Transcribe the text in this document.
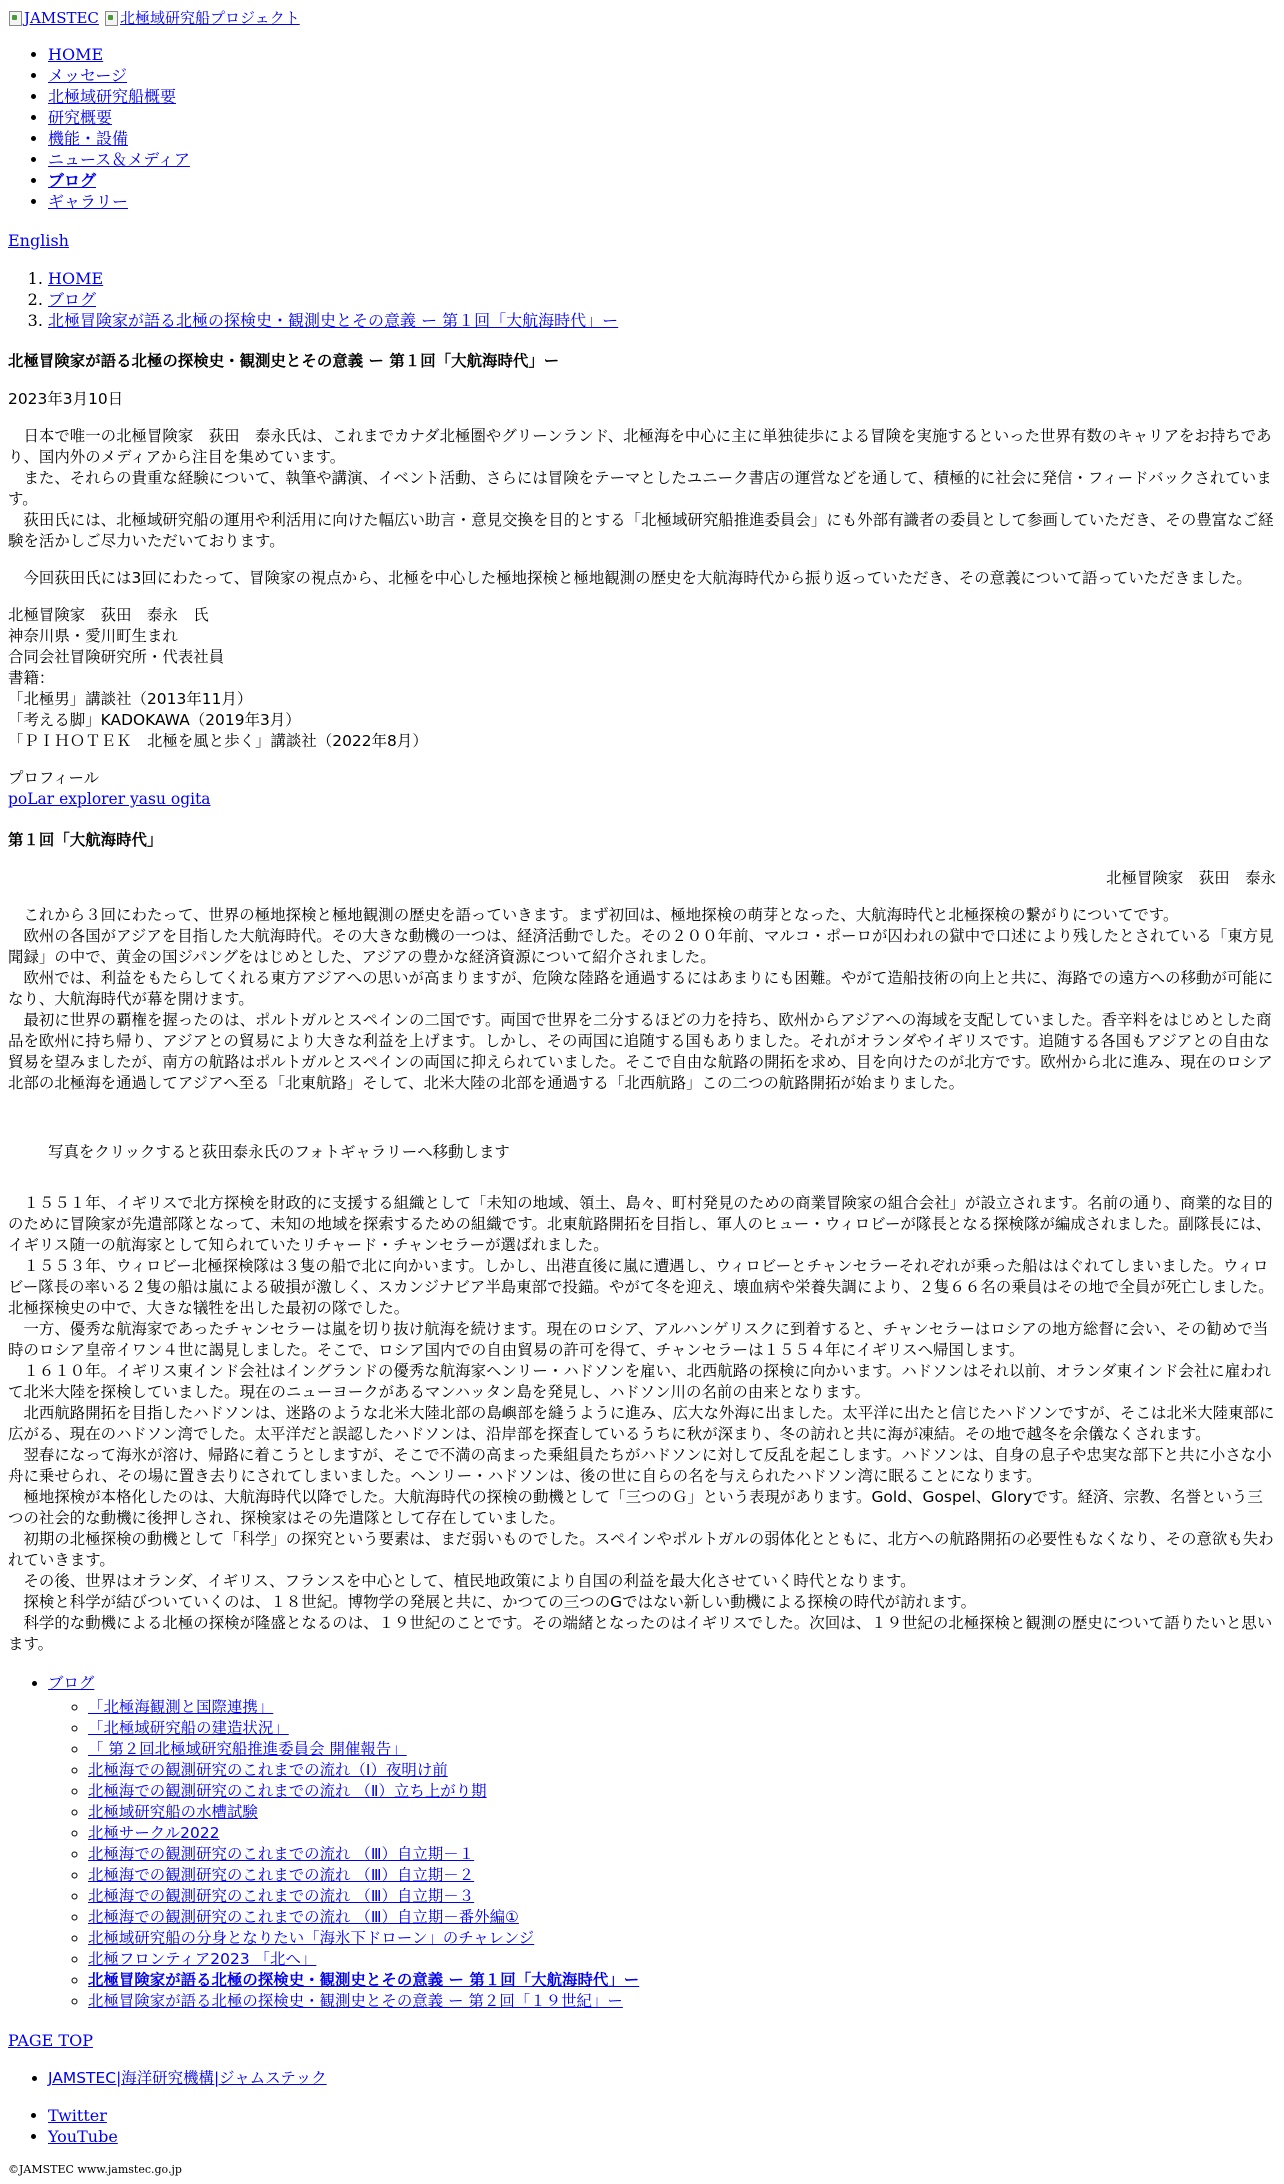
JAMSTEC 北極域研究船プロジェクト
• HOME
• メッセージ
• 北極域研究船概要
• 研究概要
• 機能・設備
• ニュース＆メディア
• ブログ
• ギャラリー
English
1. HOME
2. ブログ
3. 北極冒険家が語る北極の探検史・観測史とその意義 ー 第１回「大航海時代」ー
北極冒険家が語る北極の探検史・観測史とその意義 ー 第１回「大航海時代」ー
2023年3月10日

　日本で唯一の北極冒険家　荻田　泰永氏は、これまでカナダ北極圏やグリーンランド、北極海を中心に主に単独徒歩による冒険を実施するといった世界有数のキャリアをお持ちであり、国内外のメディアから注目を集めています。
　また、それらの貴重な経験について、執筆や講演、イベント活動、さらには冒険をテーマとしたユニーク書店の運営などを通して、積極的に社会に発信・フィードバックされています。
　荻田氏には、北極域研究船の運用や利活用に向けた幅広い助言・意見交換を目的とする「北極域研究船推進委員会」にも外部有識者の委員として参画していただき、その豊富なご経験を活かしご尽力いただいております。

　今回荻田氏には3回にわたって、冒険家の視点から、北極を中心した極地探検と極地観測の歴史を大航海時代から振り返っていただき、その意義について語っていただきました。

北極冒険家　荻田　泰永　氏
神奈川県・愛川町生まれ
合同会社冒険研究所・代表社員
書籍：
「北極男」講談社（2013年11月）
「考える脚」KADOKAWA（2019年3月）
「ＰＩＨＯＴＥＫ　北極を風と歩く」講談社（2022年8月）
プロフィール
poLar explorer yasu ogita
第１回「大航海時代」
北極冒険家　荻田　泰永

　これから３回にわたって、世界の極地探検と極地観測の歴史を語っていきます。まず初回は、極地探検の萌芽となった、大航海時代と北極探検の繋がりについてです。
　欧州の各国がアジアを目指した大航海時代。その大きな動機の一つは、経済活動でした。その２００年前、マルコ・ポーロが囚われの獄中で口述により残したとされている「東方見聞録」の中で、黄金の国ジパングをはじめとした、アジアの豊かな経済資源について紹介されました。
　欧州では、利益をもたらしてくれる東方アジアへの思いが高まりますが、危険な陸路を通過するにはあまりにも困難。やがて造船技術の向上と共に、海路での遠方への移動が可能になり、大航海時代が幕を開けます。
　最初に世界の覇権を握ったのは、ポルトガルとスペインの二国です。両国で世界を二分するほどの力を持ち、欧州からアジアへの海域を支配していました。香辛料をはじめとした商品を欧州に持ち帰り、アジアとの貿易により大きな利益を上げます。しかし、その両国に追随する国もありました。それがオランダやイギリスです。追随する各国もアジアとの自由な貿易を望みましたが、南方の航路はポルトガルとスペインの両国に抑えられていました。そこで自由な航路の開拓を求め、目を向けたのが北方です。欧州から北に進み、現在のロシア北部の北極海を通過してアジアへ至る「北東航路」そして、北米大陸の北部を通過する「北西航路」この二つの航路開拓が始まりました。

写真をクリックすると荻田泰永氏のフォトギャラリーへ移動します

　１５５１年、イギリスで北方探検を財政的に支援する組織として「未知の地域、領土、島々、町村発見のための商業冒険家の組合会社」が設立されます。名前の通り、商業的な目的のために冒険家が先遣部隊となって、未知の地域を探索するための組織です。北東航路開拓を目指し、軍人のヒュー・ウィロビーが隊長となる探検隊が編成されました。副隊長には、イギリス随一の航海家として知られていたリチャード・チャンセラーが選ばれました。
　１５５３年、ウィロビー北極探検隊は３隻の船で北に向かいます。しかし、出港直後に嵐に遭遇し、ウィロビーとチャンセラーそれぞれが乗った船ははぐれてしまいました。ウィロビー隊長の率いる２隻の船は嵐による破損が激しく、スカンジナビア半島東部で投錨。やがて冬を迎え、壊血病や栄養失調により、２隻６６名の乗員はその地で全員が死亡しました。北極探検史の中で、大きな犠牲を出した最初の隊でした。
　一方、優秀な航海家であったチャンセラーは嵐を切り抜け航海を続けます。現在のロシア、アルハンゲリスクに到着すると、チャンセラーはロシアの地方総督に会い、その勧めで当時のロシア皇帝イワン４世に謁見しました。そこで、ロシア国内での自由貿易の許可を得て、チャンセラーは１５５４年にイギリスへ帰国します。
　１６１０年。イギリス東インド会社はイングランドの優秀な航海家ヘンリー・ハドソンを雇い、北西航路の探検に向かいます。ハドソンはそれ以前、オランダ東インド会社に雇われて北米大陸を探検していました。現在のニューヨークがあるマンハッタン島を発見し、ハドソン川の名前の由来となります。
　北西航路開拓を目指したハドソンは、迷路のような北米大陸北部の島嶼部を縫うように進み、広大な外海に出ました。太平洋に出たと信じたハドソンですが、そこは北米大陸東部に広がる、現在のハドソン湾でした。太平洋だと誤認したハドソンは、沿岸部を探査しているうちに秋が深まり、冬の訪れと共に海が凍結。その地で越冬を余儀なくされます。
　翌春になって海氷が溶け、帰路に着こうとしますが、そこで不満の高まった乗組員たちがハドソンに対して反乱を起こします。ハドソンは、自身の息子や忠実な部下と共に小さな小舟に乗せられ、その場に置き去りにされてしまいました。ヘンリー・ハドソンは、後の世に自らの名を与えられたハドソン湾に眠ることになります。
　極地探検が本格化したのは、大航海時代以降でした。大航海時代の探検の動機として「三つのＧ」という表現があります。Gold、Gospel、Gloryです。経済、宗教、名誉という三つの社会的な動機に後押しされ、探検家はその先遣隊として存在していました。
　初期の北極探検の動機として「科学」の探究という要素は、まだ弱いものでした。スペインやポルトガルの弱体化とともに、北方への航路開拓の必要性もなくなり、その意欲も失われていきます。
　その後、世界はオランダ、イギリス、フランスを中心として、植民地政策により自国の利益を最大化させていく時代となります。
　探検と科学が結びついていくのは、１８世紀。博物学の発展と共に、かつての三つのGではない新しい動機による探検の時代が訪れます。
　科学的な動機による北極の探検が隆盛となるのは、１９世紀のことです。その端緒となったのはイギリスでした。次回は、１９世紀の北極探検と観測の歴史について語りたいと思います。

• ブログ
◦ 「北極海観測と国際連携」
◦ 「北極域研究船の建造状況」
◦ 「 第２回北極域研究船推進委員会 開催報告」
◦ 北極海での観測研究のこれまでの流れ（Ⅰ）夜明け前
◦ 北極海での観測研究のこれまでの流れ （Ⅱ）立ち上がり期
◦ 北極域研究船の水槽試験
◦ 北極サークル2022
◦ 北極海での観測研究のこれまでの流れ （Ⅲ）自立期－１
◦ 北極海での観測研究のこれまでの流れ （Ⅲ）自立期－２
◦ 北極海での観測研究のこれまでの流れ （Ⅲ）自立期－３
◦ 北極海での観測研究のこれまでの流れ （Ⅲ）自立期－番外編①
◦ 北極域研究船の分身となりたい「海氷下ドローン」のチャレンジ
◦ 北極フロンティア2023 「北へ」
◦ 北極冒険家が語る北極の探検史・観測史とその意義 ー 第１回「大航海時代」ー
◦ 北極冒険家が語る北極の探検史・観測史とその意義 ー 第２回「１９世紀」ー
PAGE TOP
• JAMSTEC|海洋研究機構|ジャムステック
• Twitter
• YouTube
©JAMSTEC www.jamstec.go.jp
